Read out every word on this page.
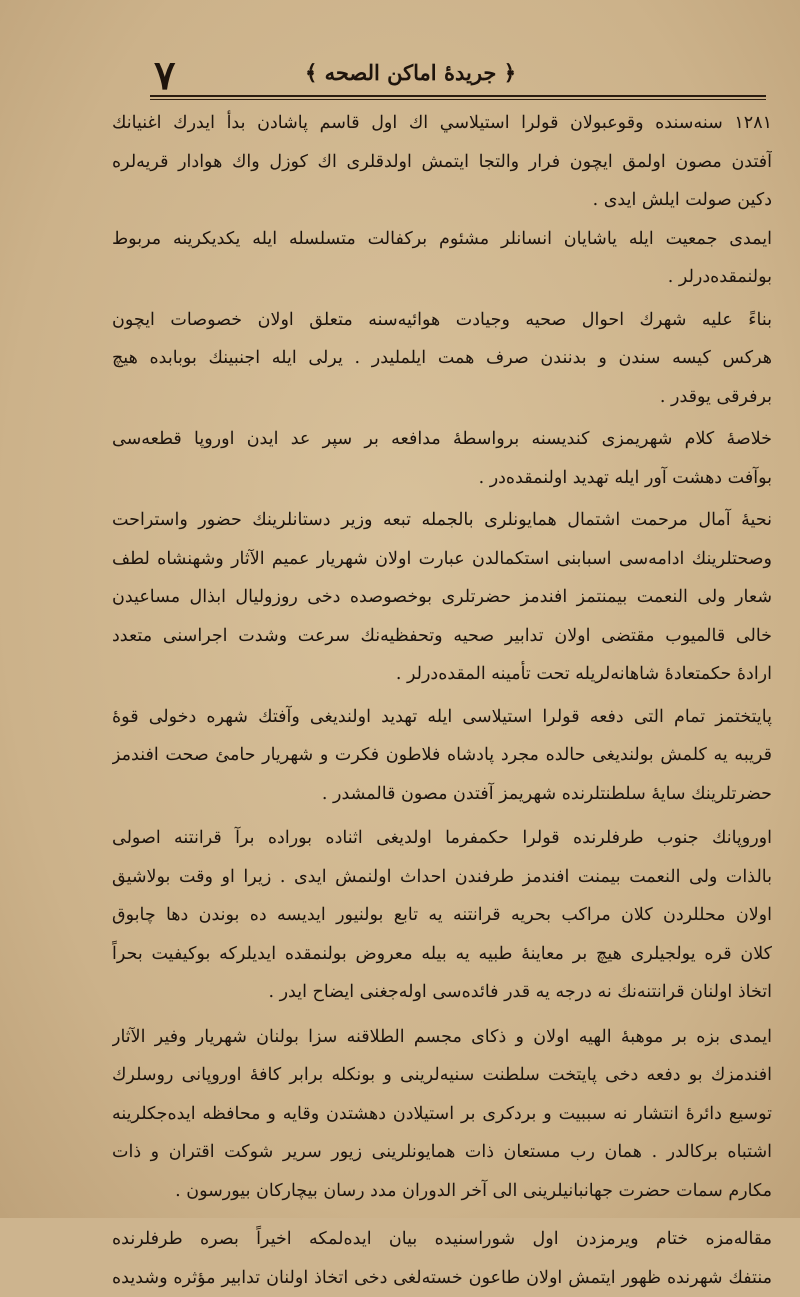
﴿ جريدهٔ اماكن الصحه ﴾
۷
۱۲۸۱ سنه‌سنده وقوعبولان قولرا استيلاسي اك اول قاسم پاشادن بدأ ايدرك اغنيانك
آفتدن مصون اولمق ايچون فرار والتجا ايتمش اولدقلرى اك كوزل واك هوادار قريه‌لره
دكين صولت ايلش ايدى .
ايمدى جمعيت ايله ياشايان انسانلر مشئوم بركفالت متسلسله ايله يكديكرينه مربوط
بولنمقده‌درلر .
بناءً عليه شهرك احوال صحيه وجيادت هوائيه‌سنه متعلق اولان خصوصات ايچون
هركس كيسه سندن و بدنندن صرف همت ايلمليدر . يرلى ايله اجنبينك بوبابده هيچ
برفرقى يوقدر .
خلاصهٔ كلام شهريمزى كنديسنه برواسطهٔ مدافعه بر سپر عد ايدن اوروپا قطعه‌سى
بوآفت دهشت آور ايله تهديد اولنمقده‌در .
نحيهٔ آمال مرحمت اشتمال همايونلرى بالجمله تبعه وزير دستانلرينك حضور واستراحت
وصحتلرينك ادامه‌سى اسبابنى استكمالدن عبارت اولان شهريار عميم الآثار وشهنشاه لطف
شعار ولى النعمت بيمنتمز افندمز حضرتلرى بوخصوصده دخى روزوليال ابذال مساعيدن
خالى قالميوب مقتضى اولان تدابير صحيه وتحفظيه‌نك سرعت وشدت اجراسنى متعدد
ارادهٔ حكمتعادهٔ شاهانه‌لريله تحت تأمينه المقده‌درلر .
پايتختمز تمام التى دفعه قولرا استيلاسى ايله تهديد اولنديغى وآفتك شهره دخولى قوهٔ
قريبه يه كلمش بولنديغى حالده مجرد پادشاه فلاطون فكرت و شهريار حامئ صحت افندمز
حضرتلرينك سايهٔ سلطنتلرنده شهريمز آفتدن مصون قالمشدر .
اوروپانك جنوب طرفلرنده قولرا حكمفرما اولديغى اثناده بوراده برآ قرانتنه اصولى
بالذات ولى النعمت بيمنت افندمز طرفندن احداث اولنمش ايدى . زيرا او وقت بولاشيق
اولان محللردن كلان مراكب بحريه قرانتنه يه تابع بولنيور ايديسه ده بوندن دها چابوق
كلان قره يولجيلرى هيچ بر معاينهٔ طبيه يه بيله معروض بولنمقده ايديلركه بوكيفيت بحراً
اتخاذ اولنان قرانتنه‌نك نه درجه يه قدر فائده‌سى اوله‌جغنى ايضاح ايدر .
ايمدى بزه بر موهبهٔ الهيه اولان و ذكاى مجسم الطلاقنه سزا بولنان شهريار وفير الآثار
افندمزك بو دفعه دخى پايتخت سلطنت سنيه‌لرينى و بونكله برابر كافهٔ اوروپانى روسلرك
توسيع دائرهٔ انتشار نه سببيت و بردكرى بر استيلادن دهشتدن وقايه و محافظه ايده‌جكلرينه
اشتباه بركالدر . همان رب مستعان ذات همايونلرينى زيور سرير شوكت اقتران و ذات
مكارم سمات حضرت جهانبانيلرينى الى آخر الدوران مدد رسان بيچاركان بيورسون .
مقاله‌مزه ختام ويرمزدن اول شوراسنيده بيان ايده‌لمكه اخيراً بصره طرفلرنده
منتفك شهرنده ظهور ايتمش اولان طاعون خسته‌لغى دخى اتخاذ اولنان تدابير مؤثره وشديده
